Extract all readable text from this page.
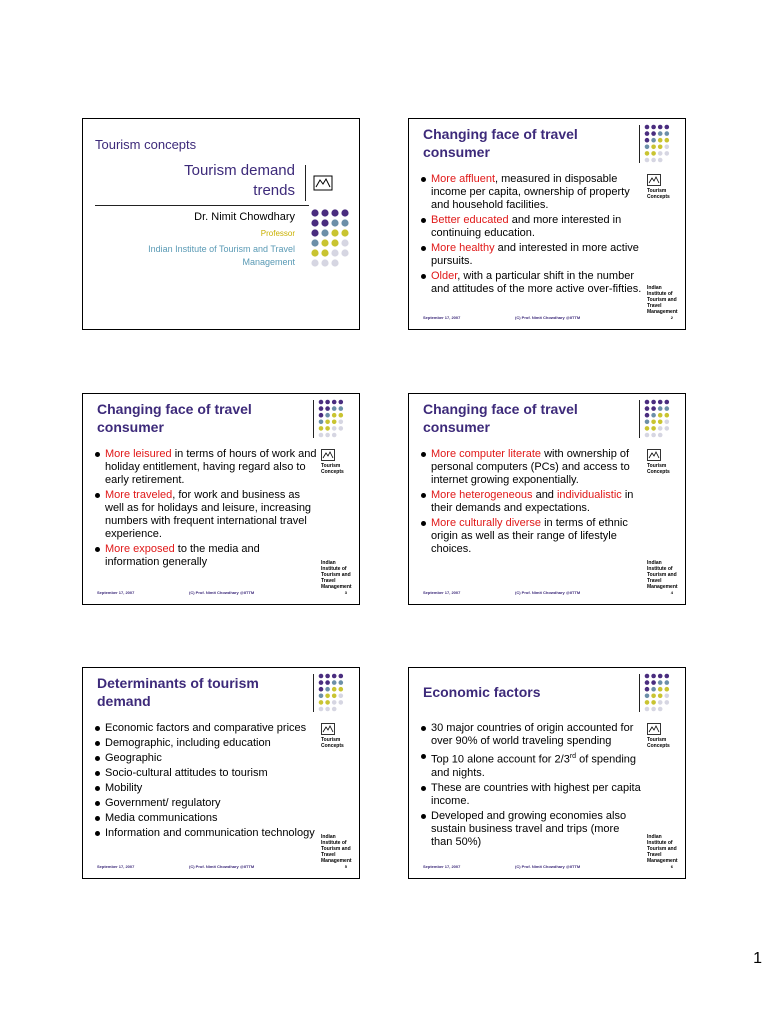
Tourism concepts
Tourism demand
trends
Dr. Nimit Chowdhary
Professor
Indian Institute of Tourism and Travel
Management
Changing face of travel
consumer
Tourism
Concepts
Indian
Institute of
Tourism and
Travel
Management
More affluent, measured in disposable income per capita, ownership of property and household facilities.
Better educated and more interested in continuing education.
More healthy and interested in more active pursuits.
Older, with a particular shift in the number and attitudes of the more active over-fifties.
September 17, 2007	(C) Prof. Nimit Chowdhary @IITTM	2
Changing face of travel
consumer
Tourism
Concepts
Indian
Institute of
Tourism and
Travel
Management
More leisured in terms of hours of work and holiday entitlement, having regard also to early retirement.
More traveled, for work and business as well as for holidays and leisure, increasing numbers with frequent international travel experience.
More exposed to the media and information generally
September 17, 2007	(C) Prof. Nimit Chowdhary @IITTM	3
Changing face of travel
consumer
Tourism
Concepts
Indian
Institute of
Tourism and
Travel
Management
More computer literate with ownership of personal computers (PCs) and access to internet growing exponentially.
More heterogeneous and individualistic in their demands and expectations.
More culturally diverse in terms of ethnic origin as well as their range of lifestyle choices.
September 17, 2007	(C) Prof. Nimit Chowdhary @IITTM	4
Determinants of tourism
demand
Tourism
Concepts
Indian
Institute of
Tourism and
Travel
Management
Economic factors and comparative prices
Demographic, including education
Geographic
Socio-cultural attitudes to tourism
Mobility
Government/ regulatory
Media communications
Information and communication technology
September 17, 2007	(C) Prof. Nimit Chowdhary @IITTM	5
Economic factors
Tourism
Concepts
Indian
Institute of
Tourism and
Travel
Management
30 major countries of origin accounted for over 90% of world traveling spending
Top 10 alone account for 2/3rd of spending and nights.
These are countries with highest per capita income.
Developed and growing economies also sustain business travel and trips (more than 50%)
September 17, 2007	(C) Prof. Nimit Chowdhary @IITTM	6
1
